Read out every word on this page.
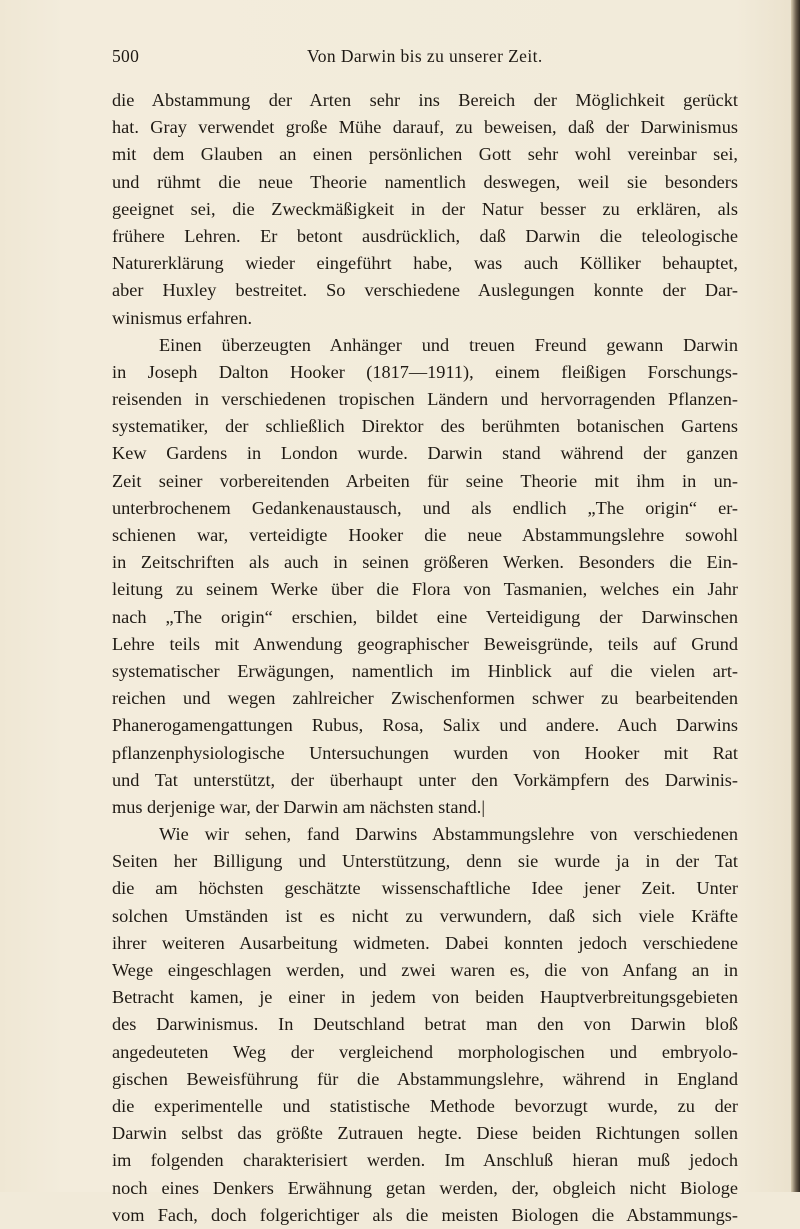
500	Von Darwin bis zu unserer Zeit.
die Abstammung der Arten sehr ins Bereich der Möglichkeit gerückt
hat. Gray verwendet große Mühe darauf, zu beweisen, daß der Darwinismus
mit dem Glauben an einen persönlichen Gott sehr wohl vereinbar sei,
und rühmt die neue Theorie namentlich deswegen, weil sie besonders
geeignet sei, die Zweckmäßigkeit in der Natur besser zu erklären, als
frühere Lehren. Er betont ausdrücklich, daß Darwin die teleologische
Naturerklärung wieder eingeführt habe, was auch Kölliker behauptet,
aber Huxley bestreitet. So verschiedene Auslegungen konnte der Dar-
winismus erfahren.
Einen überzeugten Anhänger und treuen Freund gewann Darwin
in Joseph Dalton Hooker (1817—1911), einem fleißigen Forschungs-
reisenden in verschiedenen tropischen Ländern und hervorragenden Pflanzen-
systematiker, der schließlich Direktor des berühmten botanischen Gartens
Kew Gardens in London wurde. Darwin stand während der ganzen
Zeit seiner vorbereitenden Arbeiten für seine Theorie mit ihm in un-
unterbrochenem Gedankenaustausch, und als endlich „The origin“ er-
schienen war, verteidigte Hooker die neue Abstammungslehre sowohl
in Zeitschriften als auch in seinen größeren Werken. Besonders die Ein-
leitung zu seinem Werke über die Flora von Tasmanien, welches ein Jahr
nach „The origin“ erschien, bildet eine Verteidigung der Darwinschen
Lehre teils mit Anwendung geographischer Beweisgründe, teils auf Grund
systematischer Erwägungen, namentlich im Hinblick auf die vielen art-
reichen und wegen zahlreicher Zwischenformen schwer zu bearbeitenden
Phanerogamengattungen Rubus, Rosa, Salix und andere. Auch Darwins
pflanzenphysiologische Untersuchungen wurden von Hooker mit Rat
und Tat unterstützt, der überhaupt unter den Vorkämpfern des Darwinis-
mus derjenige war, der Darwin am nächsten stand.|
Wie wir sehen, fand Darwins Abstammungslehre von verschiedenen
Seiten her Billigung und Unterstützung, denn sie wurde ja in der Tat
die am höchsten geschätzte wissenschaftliche Idee jener Zeit. Unter
solchen Umständen ist es nicht zu verwundern, daß sich viele Kräfte
ihrer weiteren Ausarbeitung widmeten. Dabei konnten jedoch verschiedene
Wege eingeschlagen werden, und zwei waren es, die von Anfang an in
Betracht kamen, je einer in jedem von beiden Hauptverbreitungsgebieten
des Darwinismus. In Deutschland betrat man den von Darwin bloß
angedeuteten Weg der vergleichend morphologischen und embryolo-
gischen Beweisführung für die Abstammungslehre, während in England
die experimentelle und statistische Methode bevorzugt wurde, zu der
Darwin selbst das größte Zutrauen hegte. Diese beiden Richtungen sollen
im folgenden charakterisiert werden. Im Anschluß hieran muß jedoch
noch eines Denkers Erwähnung getan werden, der, obgleich nicht Biologe
vom Fach, doch folgerichtiger als die meisten Biologen die Abstammungs-
